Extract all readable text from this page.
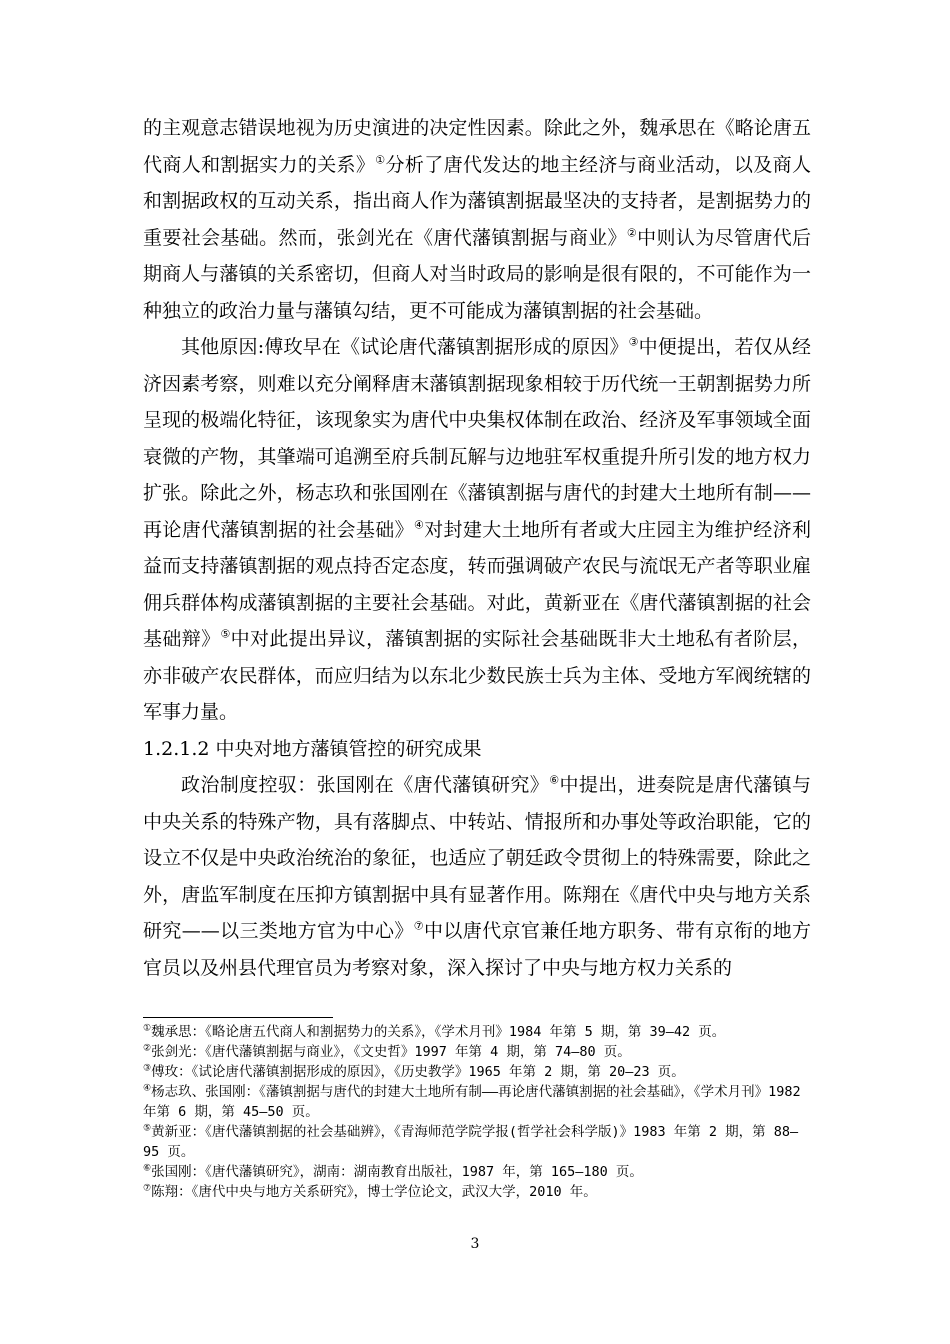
的主观意志错误地视为历史演进的决定性因素。除此之外，魏承思在《略论唐五代商人和割据实力的关系》①分析了唐代发达的地主经济与商业活动，以及商人和割据政权的互动关系，指出商人作为藩镇割据最坚决的支持者，是割据势力的重要社会基础。然而，张剑光在《唐代藩镇割据与商业》②中则认为尽管唐代后期商人与藩镇的关系密切，但商人对当时政局的影响是很有限的，不可能作为一种独立的政治力量与藩镇勾结，更不可能成为藩镇割据的社会基础。

其他原因:傅玫早在《试论唐代藩镇割据形成的原因》③中便提出，若仅从经济因素考察，则难以充分阐释唐末藩镇割据现象相较于历代统一王朝割据势力所呈现的极端化特征，该现象实为唐代中央集权体制在政治、经济及军事领域全面衰微的产物，其肇端可追溯至府兵制瓦解与边地驻军权重提升所引发的地方权力扩张。除此之外，杨志玖和张国刚在《藩镇割据与唐代的封建大土地所有制——再论唐代藩镇割据的社会基础》④对封建大土地所有者或大庄园主为维护经济利益而支持藩镇割据的观点持否定态度，转而强调破产农民与流氓无产者等职业雇佣兵群体构成藩镇割据的主要社会基础。对此，黄新亚在《唐代藩镇割据的社会基础辩》⑤中对此提出异议，藩镇割据的实际社会基础既非大土地私有者阶层，亦非破产农民群体，而应归结为以东北少数民族士兵为主体、受地方军阀统辖的军事力量。

1.2.1.2 中央对地方藩镇管控的研究成果

政治制度控驭：张国刚在《唐代藩镇研究》⑥中提出，进奏院是唐代藩镇与中央关系的特殊产物，具有落脚点、中转站、情报所和办事处等政治职能，它的设立不仅是中央政治统治的象征，也适应了朝廷政令贯彻上的特殊需要，除此之外，唐监军制度在压抑方镇割据中具有显著作用。陈翔在《唐代中央与地方关系研究——以三类地方官为中心》⑦中以唐代京官兼任地方职务、带有京衔的地方官员以及州县代理官员为考察对象，深入探讨了中央与地方权力关系的

①魏承思：《略论唐五代商人和割据势力的关系》，《学术月刊》1984 年第 5 期，第 39—42 页。

②张剑光：《唐代藩镇割据与商业》，《文史哲》1997 年第 4 期，第 74—80 页。

③傅玫：《试论唐代藩镇割据形成的原因》，《历史教学》1965 年第 2 期，第 20—23 页。

④杨志玖、张国刚：《藩镇割据与唐代的封建大土地所有制——再论唐代藩镇割据的社会基础》，《学术月刊》1982 年第 6 期，第 45—50 页。

⑤黄新亚：《唐代藩镇割据的社会基础辨》，《青海师范学院学报(哲学社会科学版)》1983 年第 2 期，第 88—95 页。

⑥张国刚：《唐代藩镇研究》，湖南：湖南教育出版社，1987 年，第 165—180 页。

⑦陈翔：《唐代中央与地方关系研究》，博士学位论文，武汉大学，2010 年。

3
